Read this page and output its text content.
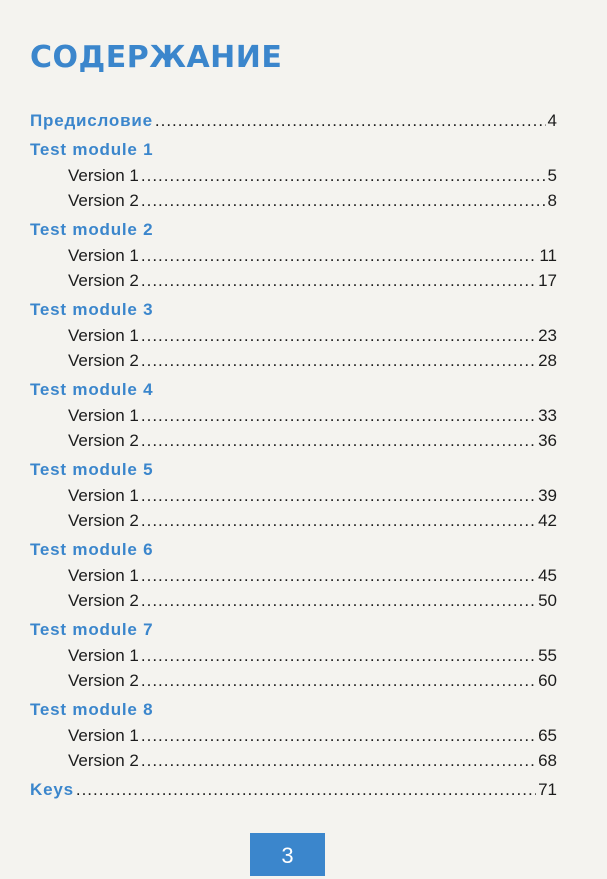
СОДЕРЖАНИЕ
Предисловие .....	4
Test module 1
Version 1 .....	5
Version 2 .....	8
Test module 2
Version 1 .....	11
Version 2 .....	17
Test module 3
Version 1 .....	23
Version 2 .....	28
Test module 4
Version 1 .....	33
Version 2 .....	36
Test module 5
Version 1 .....	39
Version 2 .....	42
Test module 6
Version 1 .....	45
Version 2 .....	50
Test module 7
Version 1 .....	55
Version 2 .....	60
Test module 8
Version 1 .....	65
Version 2 .....	68
Keys .....	71
3
